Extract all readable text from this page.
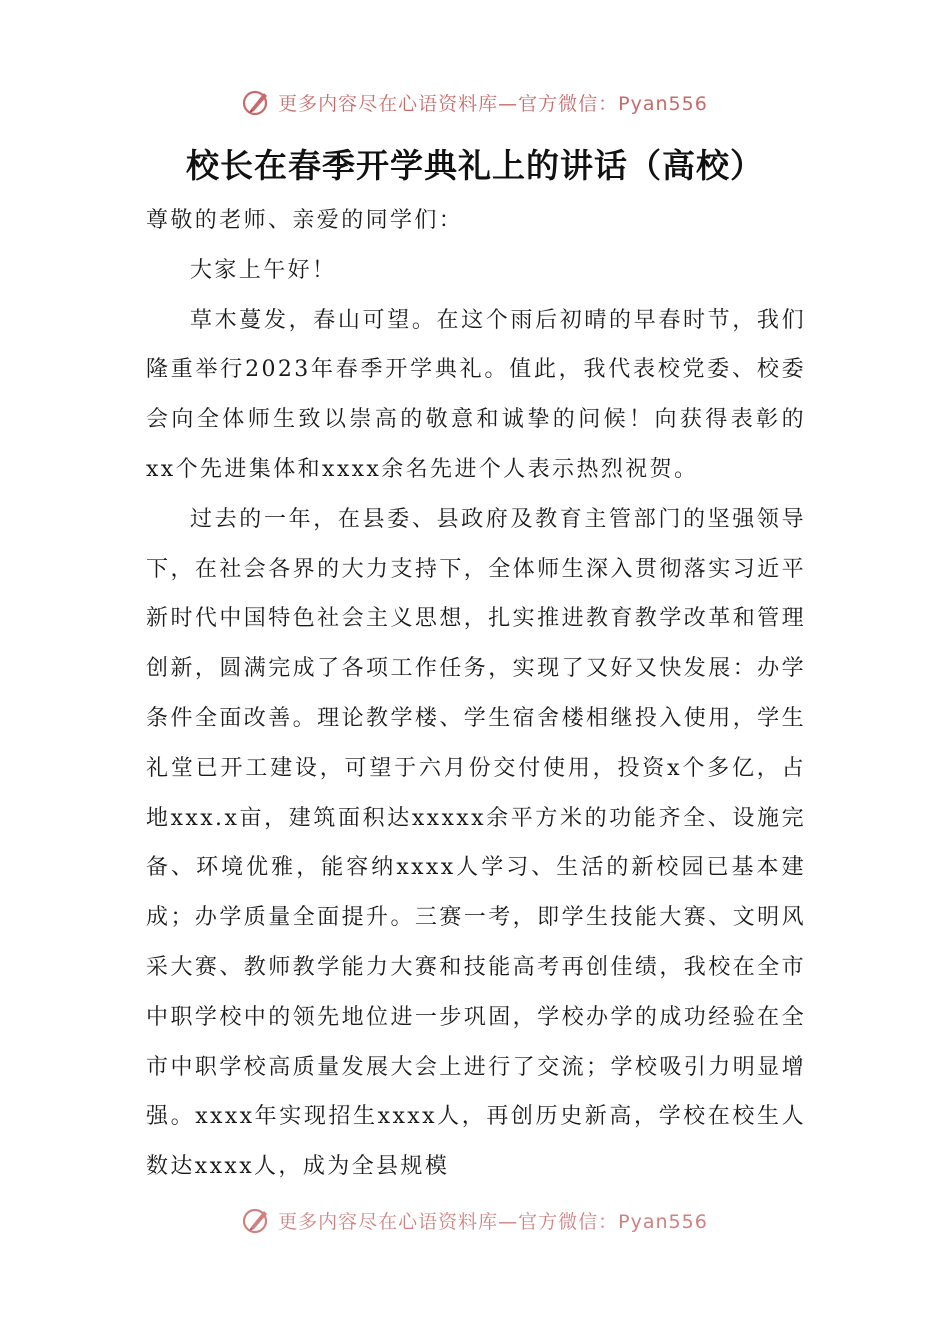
更多内容尽在心语资料库—官方微信：Pyan556
校长在春季开学典礼上的讲话（高校）

尊敬的老师、亲爱的同学们：

大家上午好！

草木蔓发，春山可望。在这个雨后初晴的早春时节，我们隆重举行2023年春季开学典礼。值此，我代表校党委、校委会向全体师生致以崇高的敬意和诚挚的问候！向获得表彰的xx个先进集体和xxxx余名先进个人表示热烈祝贺。

过去的一年，在县委、县政府及教育主管部门的坚强领导下，在社会各界的大力支持下，全体师生深入贯彻落实习近平新时代中国特色社会主义思想，扎实推进教育教学改革和管理创新，圆满完成了各项工作任务，实现了又好又快发展：办学条件全面改善。理论教学楼、学生宿舍楼相继投入使用，学生礼堂已开工建设，可望于六月份交付使用，投资x个多亿，占地xxx.x亩，建筑面积达xxxxx余平方米的功能齐全、设施完备、环境优雅，能容纳xxxx人学习、生活的新校园已基本建成；办学质量全面提升。三赛一考，即学生技能大赛、文明风采大赛、教师教学能力大赛和技能高考再创佳绩，我校在全市中职学校中的领先地位进一步巩固，学校办学的成功经验在全市中职学校高质量发展大会上进行了交流；学校吸引力明显增强。xxxx年实现招生xxxx人，再创历史新高，学校在校生人数达xxxx人，成为全县规模

更多内容尽在心语资料库—官方微信：Pyan556
